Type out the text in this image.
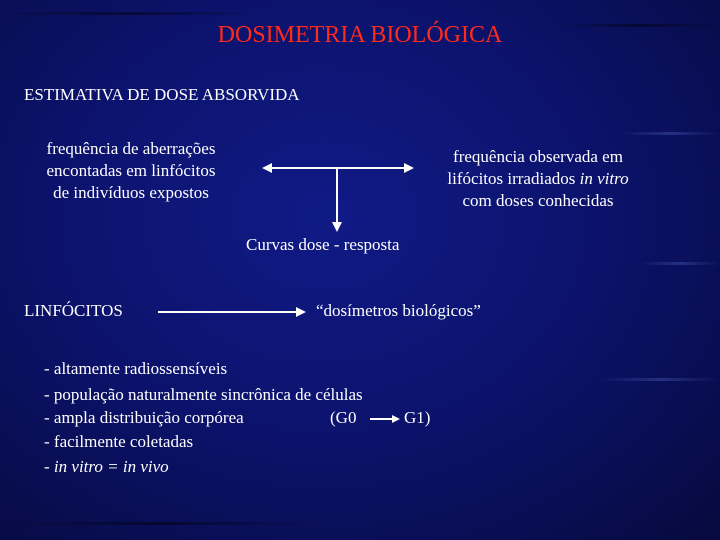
DOSIMETRIA BIOLÓGICA
ESTIMATIVA DE DOSE ABSORVIDA
frequência de aberrações
encontadas em linfócitos
de indivíduos expostos
frequência observada em
lifócitos irradiados in vitro
com doses conhecidas
Curvas dose - resposta
LINFÓCITOS	“dosímetros biológicos”
- altamente radiossensíveis
- população naturalmente sincrônica de células
- ampla distribuição corpórea	(G0	G1)
- facilmente coletadas
- in vitro = in vivo
